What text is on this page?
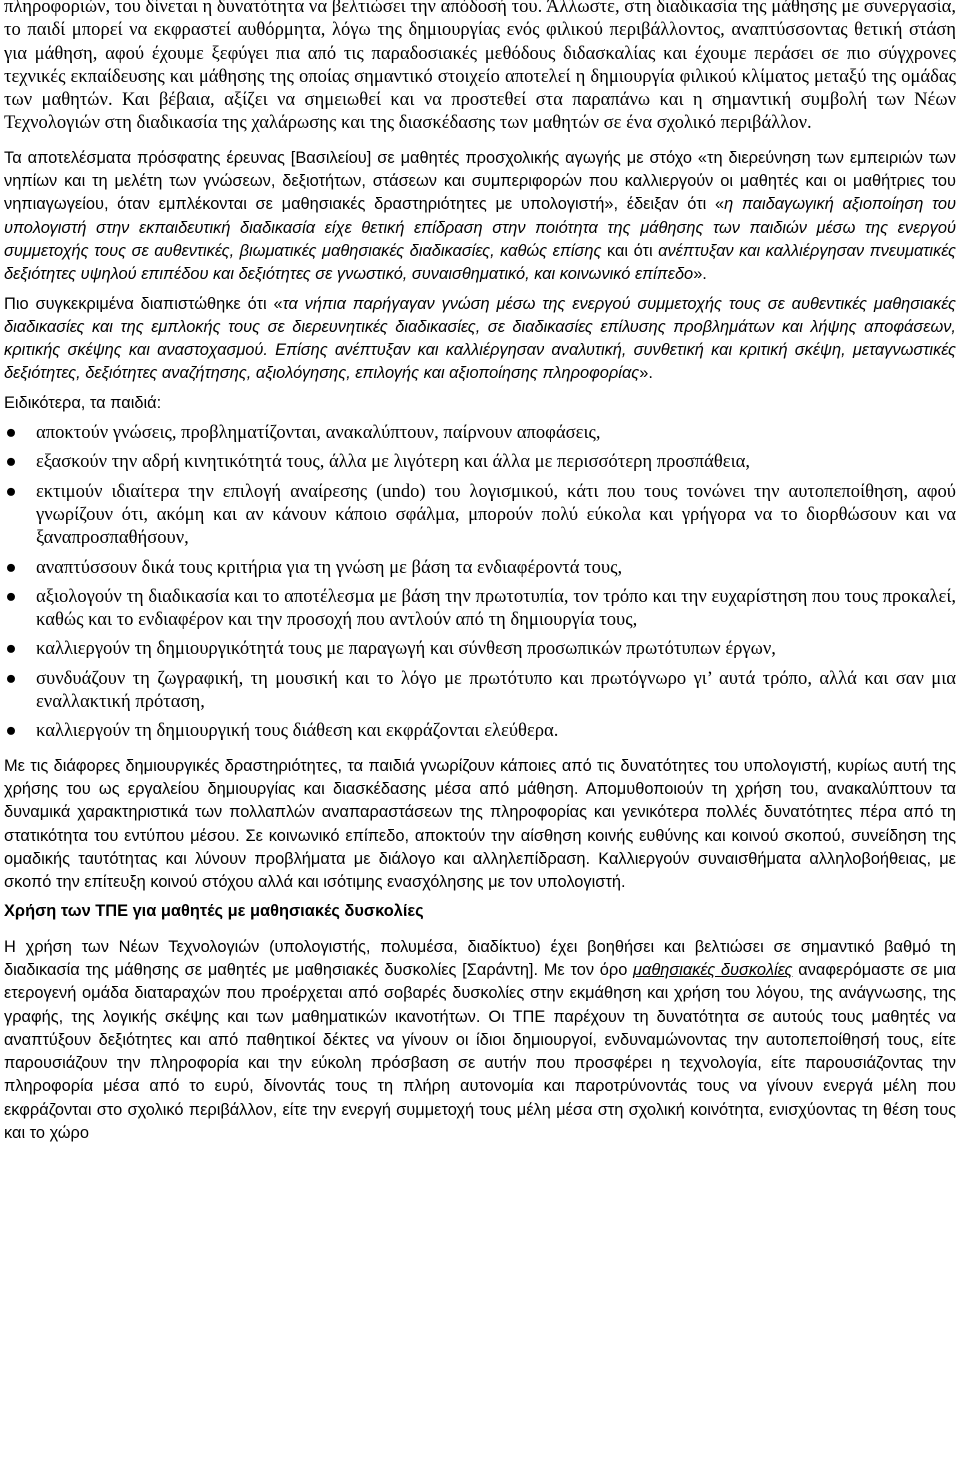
πληροφοριών, του δίνεται η δυνατότητα να βελτιώσει την απόδοσή του. Άλλωστε, στη διαδικασία της μάθησης με συνεργασία, το παιδί μπορεί να εκφραστεί αυθόρμητα, λόγω της δημιουργίας ενός φιλικού περιβάλλοντος, αναπτύσσοντας θετική στάση για μάθηση, αφού έχουμε ξεφύγει πια από τις παραδοσιακές μεθόδους διδασκαλίας και έχουμε περάσει σε πιο σύγχρονες τεχνικές εκπαίδευσης και μάθησης της οποίας σημαντικό στοιχείο αποτελεί η δημιουργία φιλικού κλίματος μεταξύ της ομάδας των μαθητών. Και βέβαια, αξίζει να σημειωθεί και να προστεθεί στα παραπάνω και η σημαντική συμβολή των Νέων Τεχνολογιών στη διαδικασία της χαλάρωσης και της διασκέδασης των μαθητών σε ένα σχολικό περιβάλλον.

Τα αποτελέσματα πρόσφατης έρευνας [Βασιλείου] σε μαθητές προσχολικής αγωγής με στόχο «τη διερεύνηση των εμπειριών των νηπίων και τη μελέτη των γνώσεων, δεξιοτήτων, στάσεων και συμπεριφορών που καλλιεργούν οι μαθητές και οι μαθήτριες του νηπιαγωγείου, όταν εμπλέκονται σε μαθησιακές δραστηριότητες με υπολογιστή», έδειξαν ότι «η παιδαγωγική αξιοποίηση του υπολογιστή στην εκπαιδευτική διαδικασία είχε θετική επίδραση στην ποιότητα της μάθησης των παιδιών μέσω της ενεργού συμμετοχής τους σε αυθεντικές, βιωματικές μαθησιακές διαδικασίες, καθώς επίσης και ότι ανέπτυξαν και καλλιέργησαν πνευματικές δεξιότητες υψηλού επιπέδου και δεξιότητες σε γνωστικό, συναισθηματικό, και κοινωνικό επίπεδο».

Πιο συγκεκριμένα διαπιστώθηκε ότι «τα νήπια παρήγαγαν γνώση μέσω της ενεργού συμμετοχής τους σε αυθεντικές μαθησιακές διαδικασίες και της εμπλοκής τους σε διερευνητικές διαδικασίες, σε διαδικασίες επίλυσης προβλημάτων και λήψης αποφάσεων, κριτικής σκέψης και αναστοχασμού. Επίσης ανέπτυξαν και καλλιέργησαν αναλυτική, συνθετική και κριτική σκέψη, μεταγνωστικές δεξιότητες, δεξιότητες αναζήτησης, αξιολόγησης, επιλογής και αξιοποίησης πληροφορίας».

Ειδικότερα, τα παιδιά:

● αποκτούν γνώσεις, προβληματίζονται, ανακαλύπτουν, παίρνουν αποφάσεις,
● εξασκούν την αδρή κινητικότητά τους, άλλα με λιγότερη και άλλα με περισσότερη προσπάθεια,
● εκτιμούν ιδιαίτερα την επιλογή αναίρεσης (undo) του λογισμικού, κάτι που τους τονώνει την αυτοπεποίθηση, αφού γνωρίζουν ότι, ακόμη και αν κάνουν κάποιο σφάλμα, μπορούν πολύ εύκολα και γρήγορα να το διορθώσουν και να ξαναπροσπαθήσουν,
● αναπτύσσουν δικά τους κριτήρια για τη γνώση με βάση τα ενδιαφέροντά τους,
● αξιολογούν τη διαδικασία και το αποτέλεσμα με βάση την πρωτοτυπία, τον τρόπο και την ευχαρίστηση που τους προκαλεί, καθώς και το ενδιαφέρον και την προσοχή που αντλούν από τη δημιουργία τους,
● καλλιεργούν τη δημιουργικότητά τους με παραγωγή και σύνθεση προσωπικών πρωτότυπων έργων,
● συνδυάζουν τη ζωγραφική, τη μουσική και το λόγο με πρωτότυπο και πρωτόγνωρο γι’ αυτά τρόπο, αλλά και σαν μια εναλλακτική πρόταση,
● καλλιεργούν τη δημιουργική τους διάθεση και εκφράζονται ελεύθερα.

Με τις διάφορες δημιουργικές δραστηριότητες, τα παιδιά γνωρίζουν κάποιες από τις δυνατότητες του υπολογιστή, κυρίως αυτή της χρήσης του ως εργαλείου δημιουργίας και διασκέδασης μέσα από μάθηση. Απομυθοποιούν τη χρήση του, ανακαλύπτουν τα δυναμικά χαρακτηριστικά των πολλαπλών αναπαραστάσεων της πληροφορίας και γενικότερα πολλές δυνατότητες πέρα από τη στατικότητα του εντύπου μέσου. Σε κοινωνικό επίπεδο, αποκτούν την αίσθηση κοινής ευθύνης και κοινού σκοπού, συνείδηση της ομαδικής ταυτότητας και λύνουν προβλήματα με διάλογο και αλληλεπίδραση. Καλλιεργούν συναισθήματα αλληλοβοήθειας, με σκοπό την επίτευξη κοινού στόχου αλλά και ισότιμης ενασχόλησης με τον υπολογιστή.

Χρήση των ΤΠΕ για μαθητές με μαθησιακές δυσκολίες

Η χρήση των Νέων Τεχνολογιών (υπολογιστής, πολυμέσα, διαδίκτυο) έχει βοηθήσει και βελτιώσει σε σημαντικό βαθμό τη διαδικασία της μάθησης σε μαθητές με μαθησιακές δυσκολίες [Σαράντη]. Με τον όρο μαθησιακές δυσκολίες αναφερόμαστε σε μια ετερογενή ομάδα διαταραχών που προέρχεται από σοβαρές δυσκολίες στην εκμάθηση και χρήση του λόγου, της ανάγνωσης, της γραφής, της λογικής σκέψης και των μαθηματικών ικανοτήτων. Οι ΤΠΕ παρέχουν τη δυνατότητα σε αυτούς τους μαθητές να αναπτύξουν δεξιότητες και από παθητικοί δέκτες να γίνουν οι ίδιοι δημιουργοί, ενδυναμώνοντας την αυτοπεποίθησή τους, είτε παρουσιάζουν την πληροφορία και την εύκολη πρόσβαση σε αυτήν που προσφέρει η τεχνολογία, είτε παρουσιάζοντας την πληροφορία μέσα από το ευρύ, δίνοντάς τους τη πλήρη αυτονομία και παροτρύνοντάς τους να γίνουν ενεργά μέλη που εκφράζονται στο σχολικό περιβάλλον, είτε την ενεργή συμμετοχή τους μέλη μέσα στη σχολική κοινότητα, ενισχύοντας τη θέση τους και το χώρο
